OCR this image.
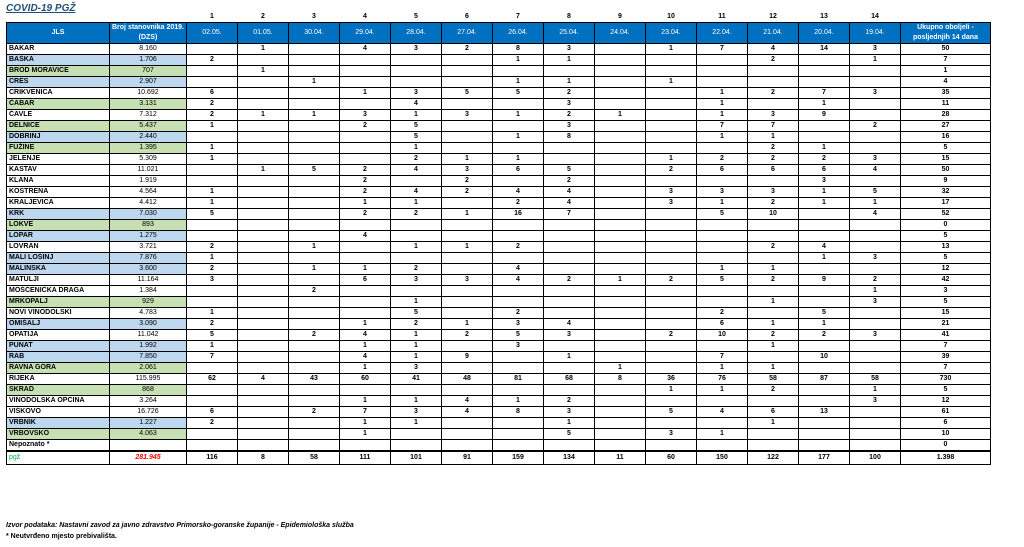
COVID-19 PGŽ
		1	2	3	4	5	6	7	8	9	10	11	12	13	14	
JLS	Broj stanovnika 2019. (DZS)	02.05.	01.05.	30.04.	29.04.	28.04.	27.04.	26.04.	25.04.	24.04.	23.04.	22.04.	21.04.	20.04.	19.04.	Ukupno oboljeli - posljednjih 14 dana
BAKAR	8.160		1		4	3	2	8	3		1	7	4	14	3	50
BAŠKA	1.706	2						1	1				2		1	7
BROD MORAVICE	707		1													1
CRES	2.907			1				1	1		1					4
CRIKVENICA	10.692	6			1	3	5	5	2			1	2	7	3	35
ČABAR	3.131	2				4			3			1		1		11
ČAVLE	7.312	2	1	1	3	1	3	1	2	1		1	3	9		28
DELNICE	5.437	1			2	5			3			7	7		2	27
DOBRINJ	2.440					5		1	8			1	1			16
FUŽINE	1.395	1				1							2	1		5
JELENJE	5.309	1				2	1	1			1	2	2	2	3	15
KASTAV	11.021		1	5	2	4	3	6	5		2	6	6	6	4	50
KLANA	1.919				2		2		2					3		9
KOSTRENA	4.564	1			2	4	2	4	4		3	3	3	1	5	32
KRALJEVICA	4.412	1			1	1		2	4		3	1	2	1	1	17
KRK	7.030	5			2	2	1	16	7			5	10		4	52
LOKVE	893															0
LOPAR	1.275				4											5
LOVRAN	3.721	2		1		1	1	2					2	4		13
MALI LOŠINJ	7.876	1												1	3	5
MALINSKA	3.600	2		1	1	2		4				1	1			12
MATULJI	11.164	3			6	3	3	4	2	1	2	5	2	9	2	42
MOŠĆENIČKA DRAGA	1.384			2											1	3
MRKOPALJ	929					1							1		3	5
NOVI VINODOLSKI	4.783	1				5		2				2		5		15
OMIŠALJ	3.090	2			1	2	1	3	4			6	1	1		21
OPATIJA	11.042	5		2	4	1	2	5	3		2	10	2	2	3	41
PUNAT	1.992	1			1	1		3					1			7
RAB	7.850	7			4	1	9		1			7		10		39
RAVNA GORA	2.061				1	3				1		1	1			7
RIJEKA	115.995	62	4	43	60	41	48	81	68	8	36	76	58	87	58	730
SKRAD	868										1	1	2		1	5
VINODOLSKA OPĆINA	3.264				1	1	4	1	2						3	12
VIŠKOVO	16.726	6		2	7	3	4	8	3		5	4	6	13		61
VRBNIK	1.227	2			1	1			1				1			6
VRBOVSKO	4.063				1				5		3	1				10
Nepoznato *																0
pgž	281.945	116	8	58	111	101	91	159	134	11	60	150	122	177	100	1.398
Izvor podataka: Nastavni zavod za javno zdravstvo Primorsko-goranske županije - Epidemiološka služba
* Neutvrđeno mjesto prebivališta.
